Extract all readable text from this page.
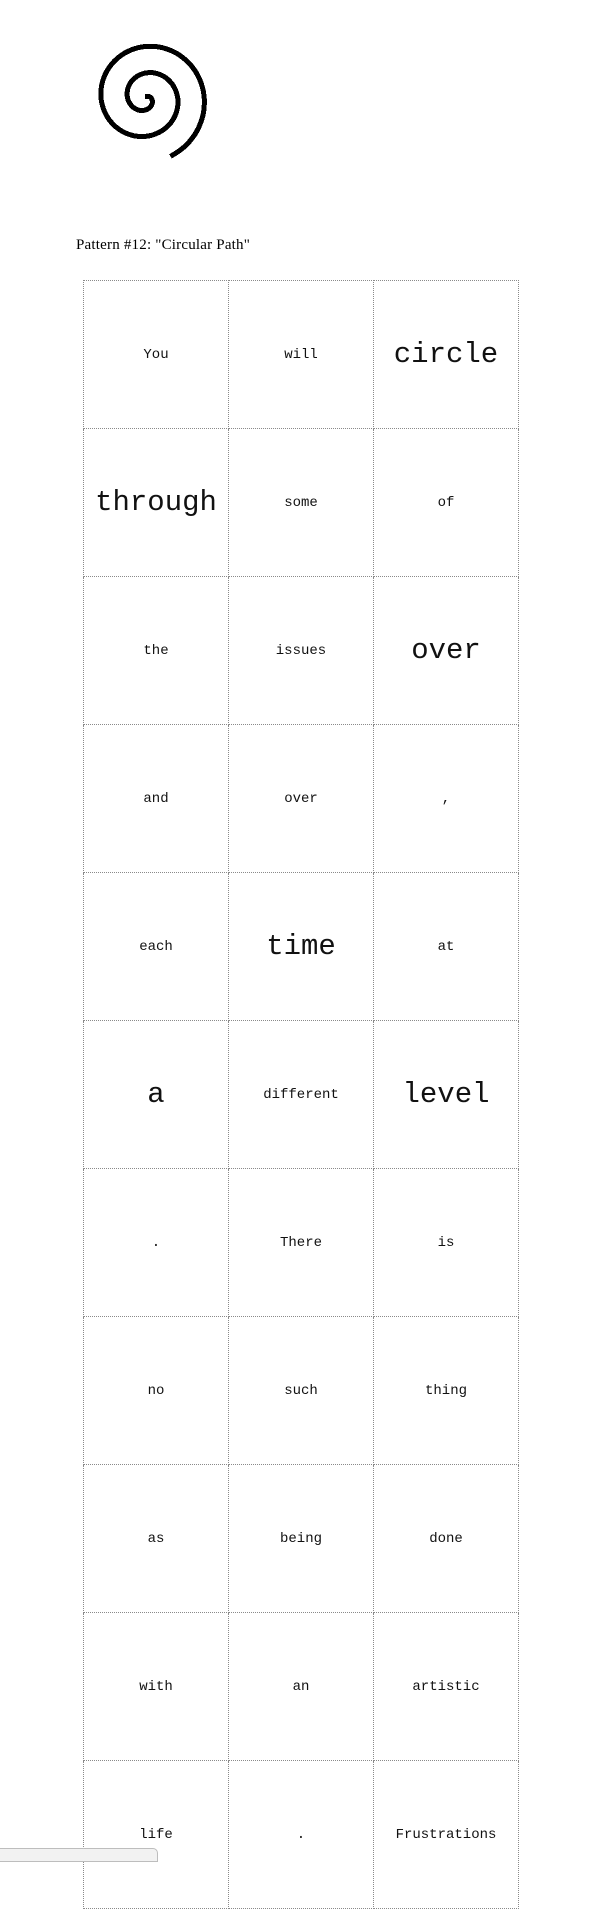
Pattern #12: "Circular Path"
You	will	circle
through	some	of
the	issues	over
and	over	,
each	time	at
a	different	level
.	There	is
no	such	thing
as	being	done
with	an	artistic
life	.	Frustrations
